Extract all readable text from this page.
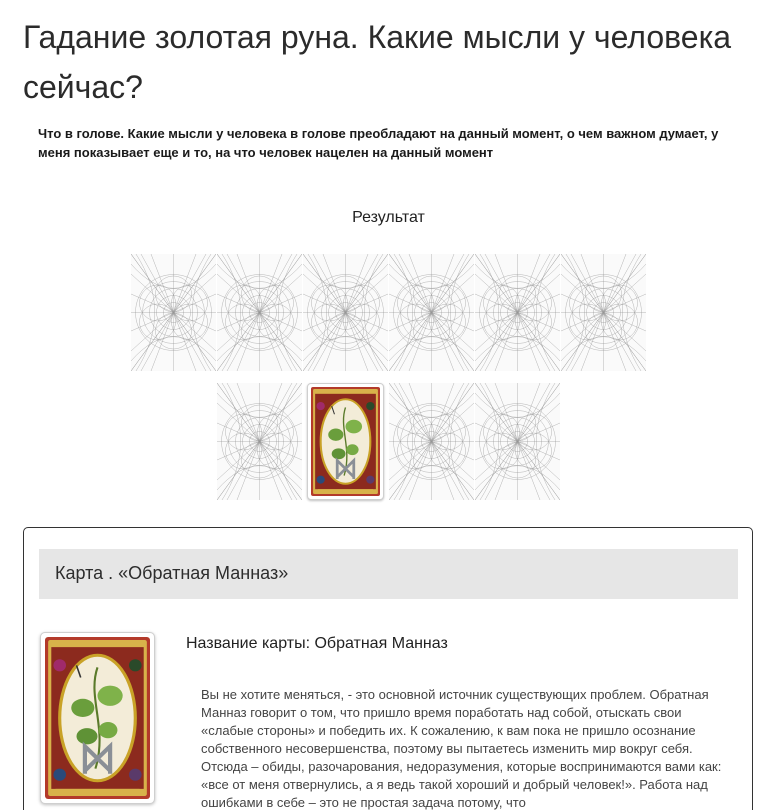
Гадание золотая руна. Какие мысли у человека сейчас?

Что в голове. Какие мысли у человека в голове преобладают на данный момент, о чем важном думает, у меня показывает еще и то, на что человек нацелен на данный момент

Результат
Карта . «Обратная Манназ»
Название карты: Обратная Манназ
Вы не хотите меняться, - это основной источник существующих проблем. Обратная Манназ говорит о том, что пришло время поработать над собой, отыскать свои «слабые стороны» и победить их. К сожалению, к вам пока не пришло осознание собственного несовершенства, поэтому вы пытаетесь изменить мир вокруг себя. Отсюда – обиды, разочарования, недоразумения, которые воспринимаются вами как: «все от меня отвернулись, а я ведь такой хороший и добрый человек!». Работа над ошибками в себе – это не простая задача потому, что
